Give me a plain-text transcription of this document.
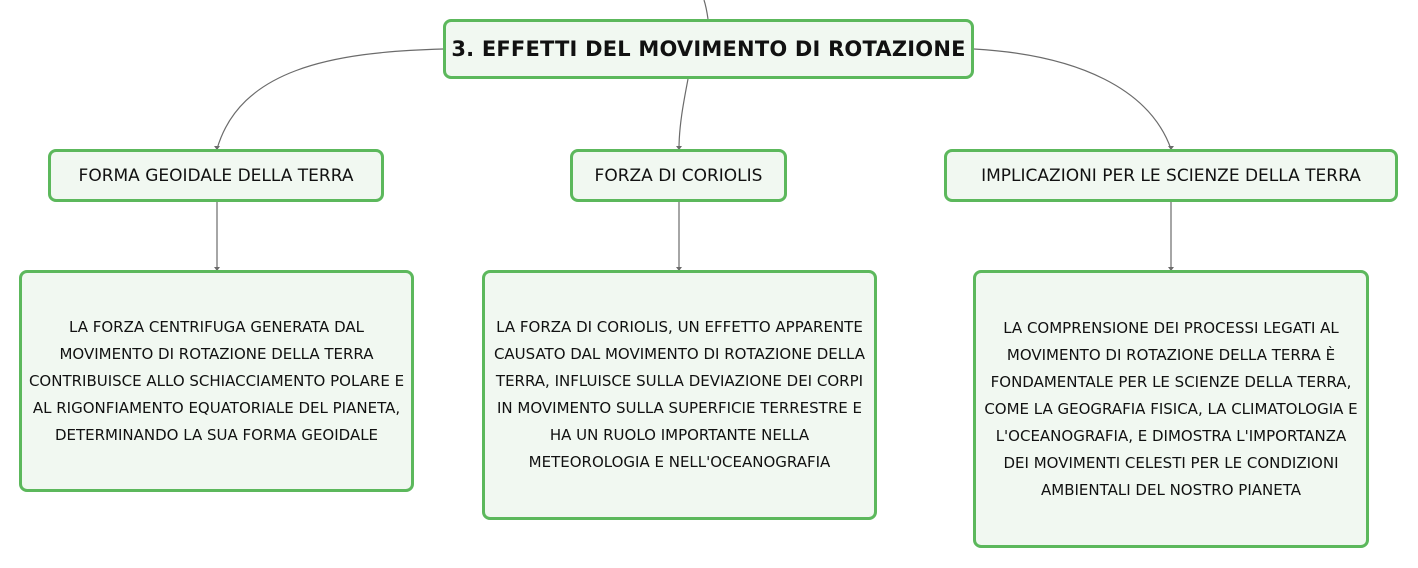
3. EFFETTI DEL MOVIMENTO DI ROTAZIONE
FORMA GEOIDALE DELLA TERRA	FORZA DI CORIOLIS	IMPLICAZIONI PER LE SCIENZE DELLA TERRA
LA FORZA CENTRIFUGA GENERATA DAL MOVIMENTO DI ROTAZIONE DELLA TERRA CONTRIBUISCE ALLO SCHIACCIAMENTO POLARE E AL RIGONFIAMENTO EQUATORIALE DEL PIANETA, DETERMINANDO LA SUA FORMA GEOIDALE
LA FORZA DI CORIOLIS, UN EFFETTO APPARENTE CAUSATO DAL MOVIMENTO DI ROTAZIONE DELLA TERRA, INFLUISCE SULLA DEVIAZIONE DEI CORPI IN MOVIMENTO SULLA SUPERFICIE TERRESTRE E HA UN RUOLO IMPORTANTE NELLA METEOROLOGIA E NELL'OCEANOGRAFIA
LA COMPRENSIONE DEI PROCESSI LEGATI AL MOVIMENTO DI ROTAZIONE DELLA TERRA È FONDAMENTALE PER LE SCIENZE DELLA TERRA, COME LA GEOGRAFIA FISICA, LA CLIMATOLOGIA E L'OCEANOGRAFIA, E DIMOSTRA L'IMPORTANZA DEI MOVIMENTI CELESTI PER LE CONDIZIONI AMBIENTALI DEL NOSTRO PIANETA
